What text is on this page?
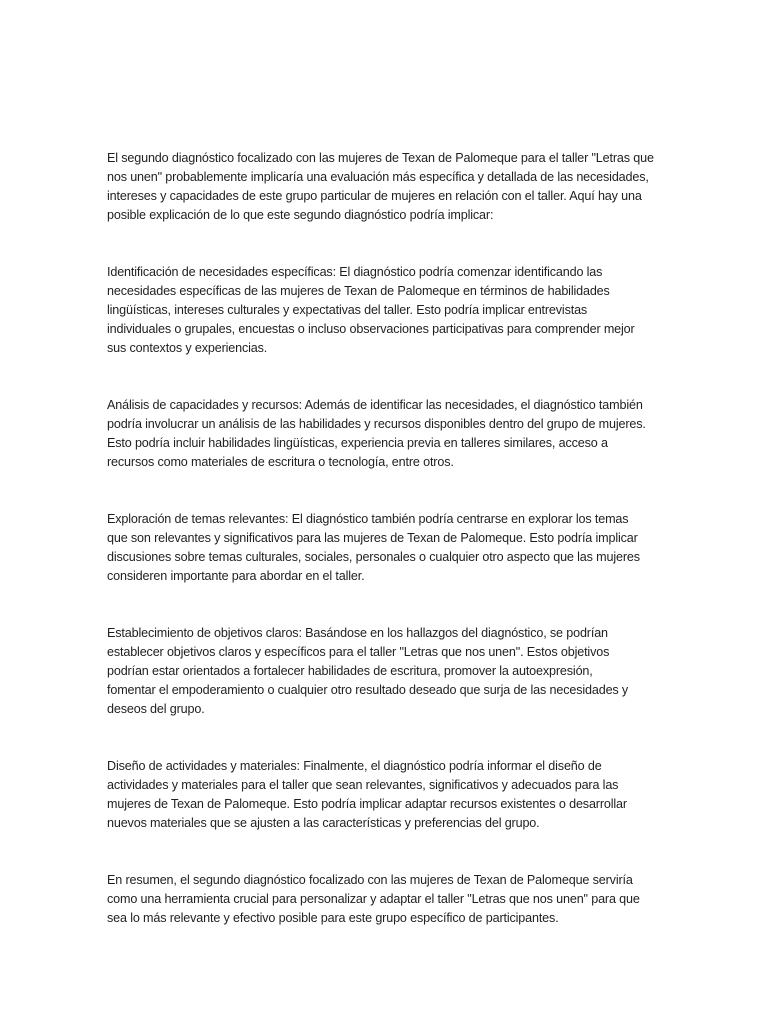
El segundo diagnóstico focalizado con las mujeres de Texan de Palomeque para el taller "Letras que
nos unen" probablemente implicaría una evaluación más específica y detallada de las necesidades,
intereses y capacidades de este grupo particular de mujeres en relación con el taller. Aquí hay una
posible explicación de lo que este segundo diagnóstico podría implicar:

Identificación de necesidades específicas: El diagnóstico podría comenzar identificando las
necesidades específicas de las mujeres de Texan de Palomeque en términos de habilidades
lingüísticas, intereses culturales y expectativas del taller. Esto podría implicar entrevistas
individuales o grupales, encuestas o incluso observaciones participativas para comprender mejor
sus contextos y experiencias.

Análisis de capacidades y recursos: Además de identificar las necesidades, el diagnóstico también
podría involucrar un análisis de las habilidades y recursos disponibles dentro del grupo de mujeres.
Esto podría incluir habilidades lingüísticas, experiencia previa en talleres similares, acceso a
recursos como materiales de escritura o tecnología, entre otros.

Exploración de temas relevantes: El diagnóstico también podría centrarse en explorar los temas
que son relevantes y significativos para las mujeres de Texan de Palomeque. Esto podría implicar
discusiones sobre temas culturales, sociales, personales o cualquier otro aspecto que las mujeres
consideren importante para abordar en el taller.

Establecimiento de objetivos claros: Basándose en los hallazgos del diagnóstico, se podrían
establecer objetivos claros y específicos para el taller "Letras que nos unen". Estos objetivos
podrían estar orientados a fortalecer habilidades de escritura, promover la autoexpresión,
fomentar el empoderamiento o cualquier otro resultado deseado que surja de las necesidades y
deseos del grupo.

Diseño de actividades y materiales: Finalmente, el diagnóstico podría informar el diseño de
actividades y materiales para el taller que sean relevantes, significativos y adecuados para las
mujeres de Texan de Palomeque. Esto podría implicar adaptar recursos existentes o desarrollar
nuevos materiales que se ajusten a las características y preferencias del grupo.

En resumen, el segundo diagnóstico focalizado con las mujeres de Texan de Palomeque serviría
como una herramienta crucial para personalizar y adaptar el taller "Letras que nos unen" para que
sea lo más relevante y efectivo posible para este grupo específico de participantes.
